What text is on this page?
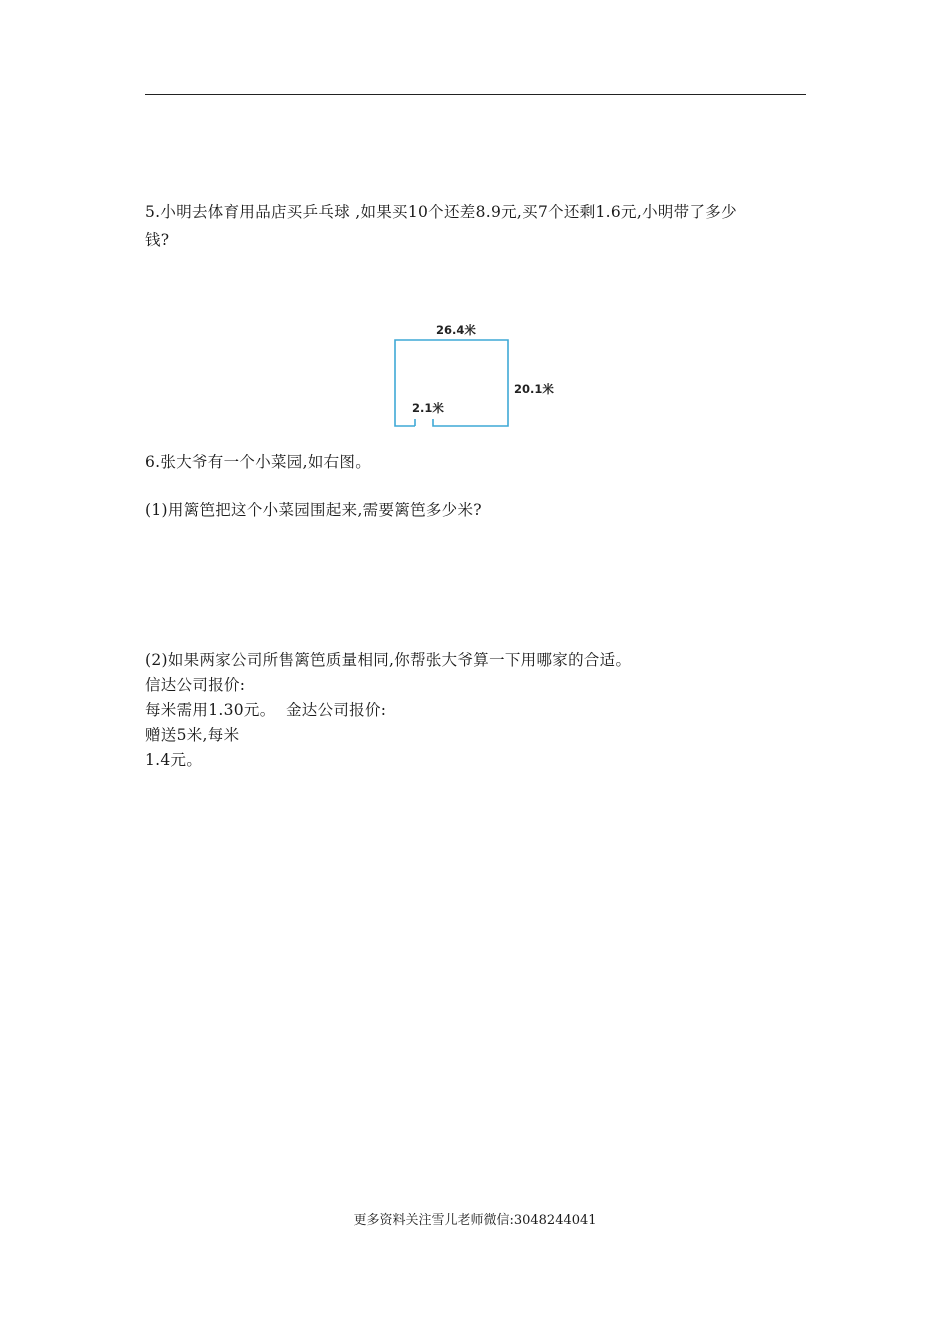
5.小明去体育用品店买乒乓球 ,如果买10个还差8.9元,买7个还剩1.6元,小明带了多少
钱?
26.4米
20.1米
2.1米
6.张大爷有一个小菜园,如右图。
(1)用篱笆把这个小菜园围起来,需要篱笆多少米?
(2)如果两家公司所售篱笆质量相同,你帮张大爷算一下用哪家的合适。
信达公司报价:
每米需用1.30元。  金达公司报价:
赠送5米,每米
1.4元。
更多资料关注雪儿老师微信:3048244041
